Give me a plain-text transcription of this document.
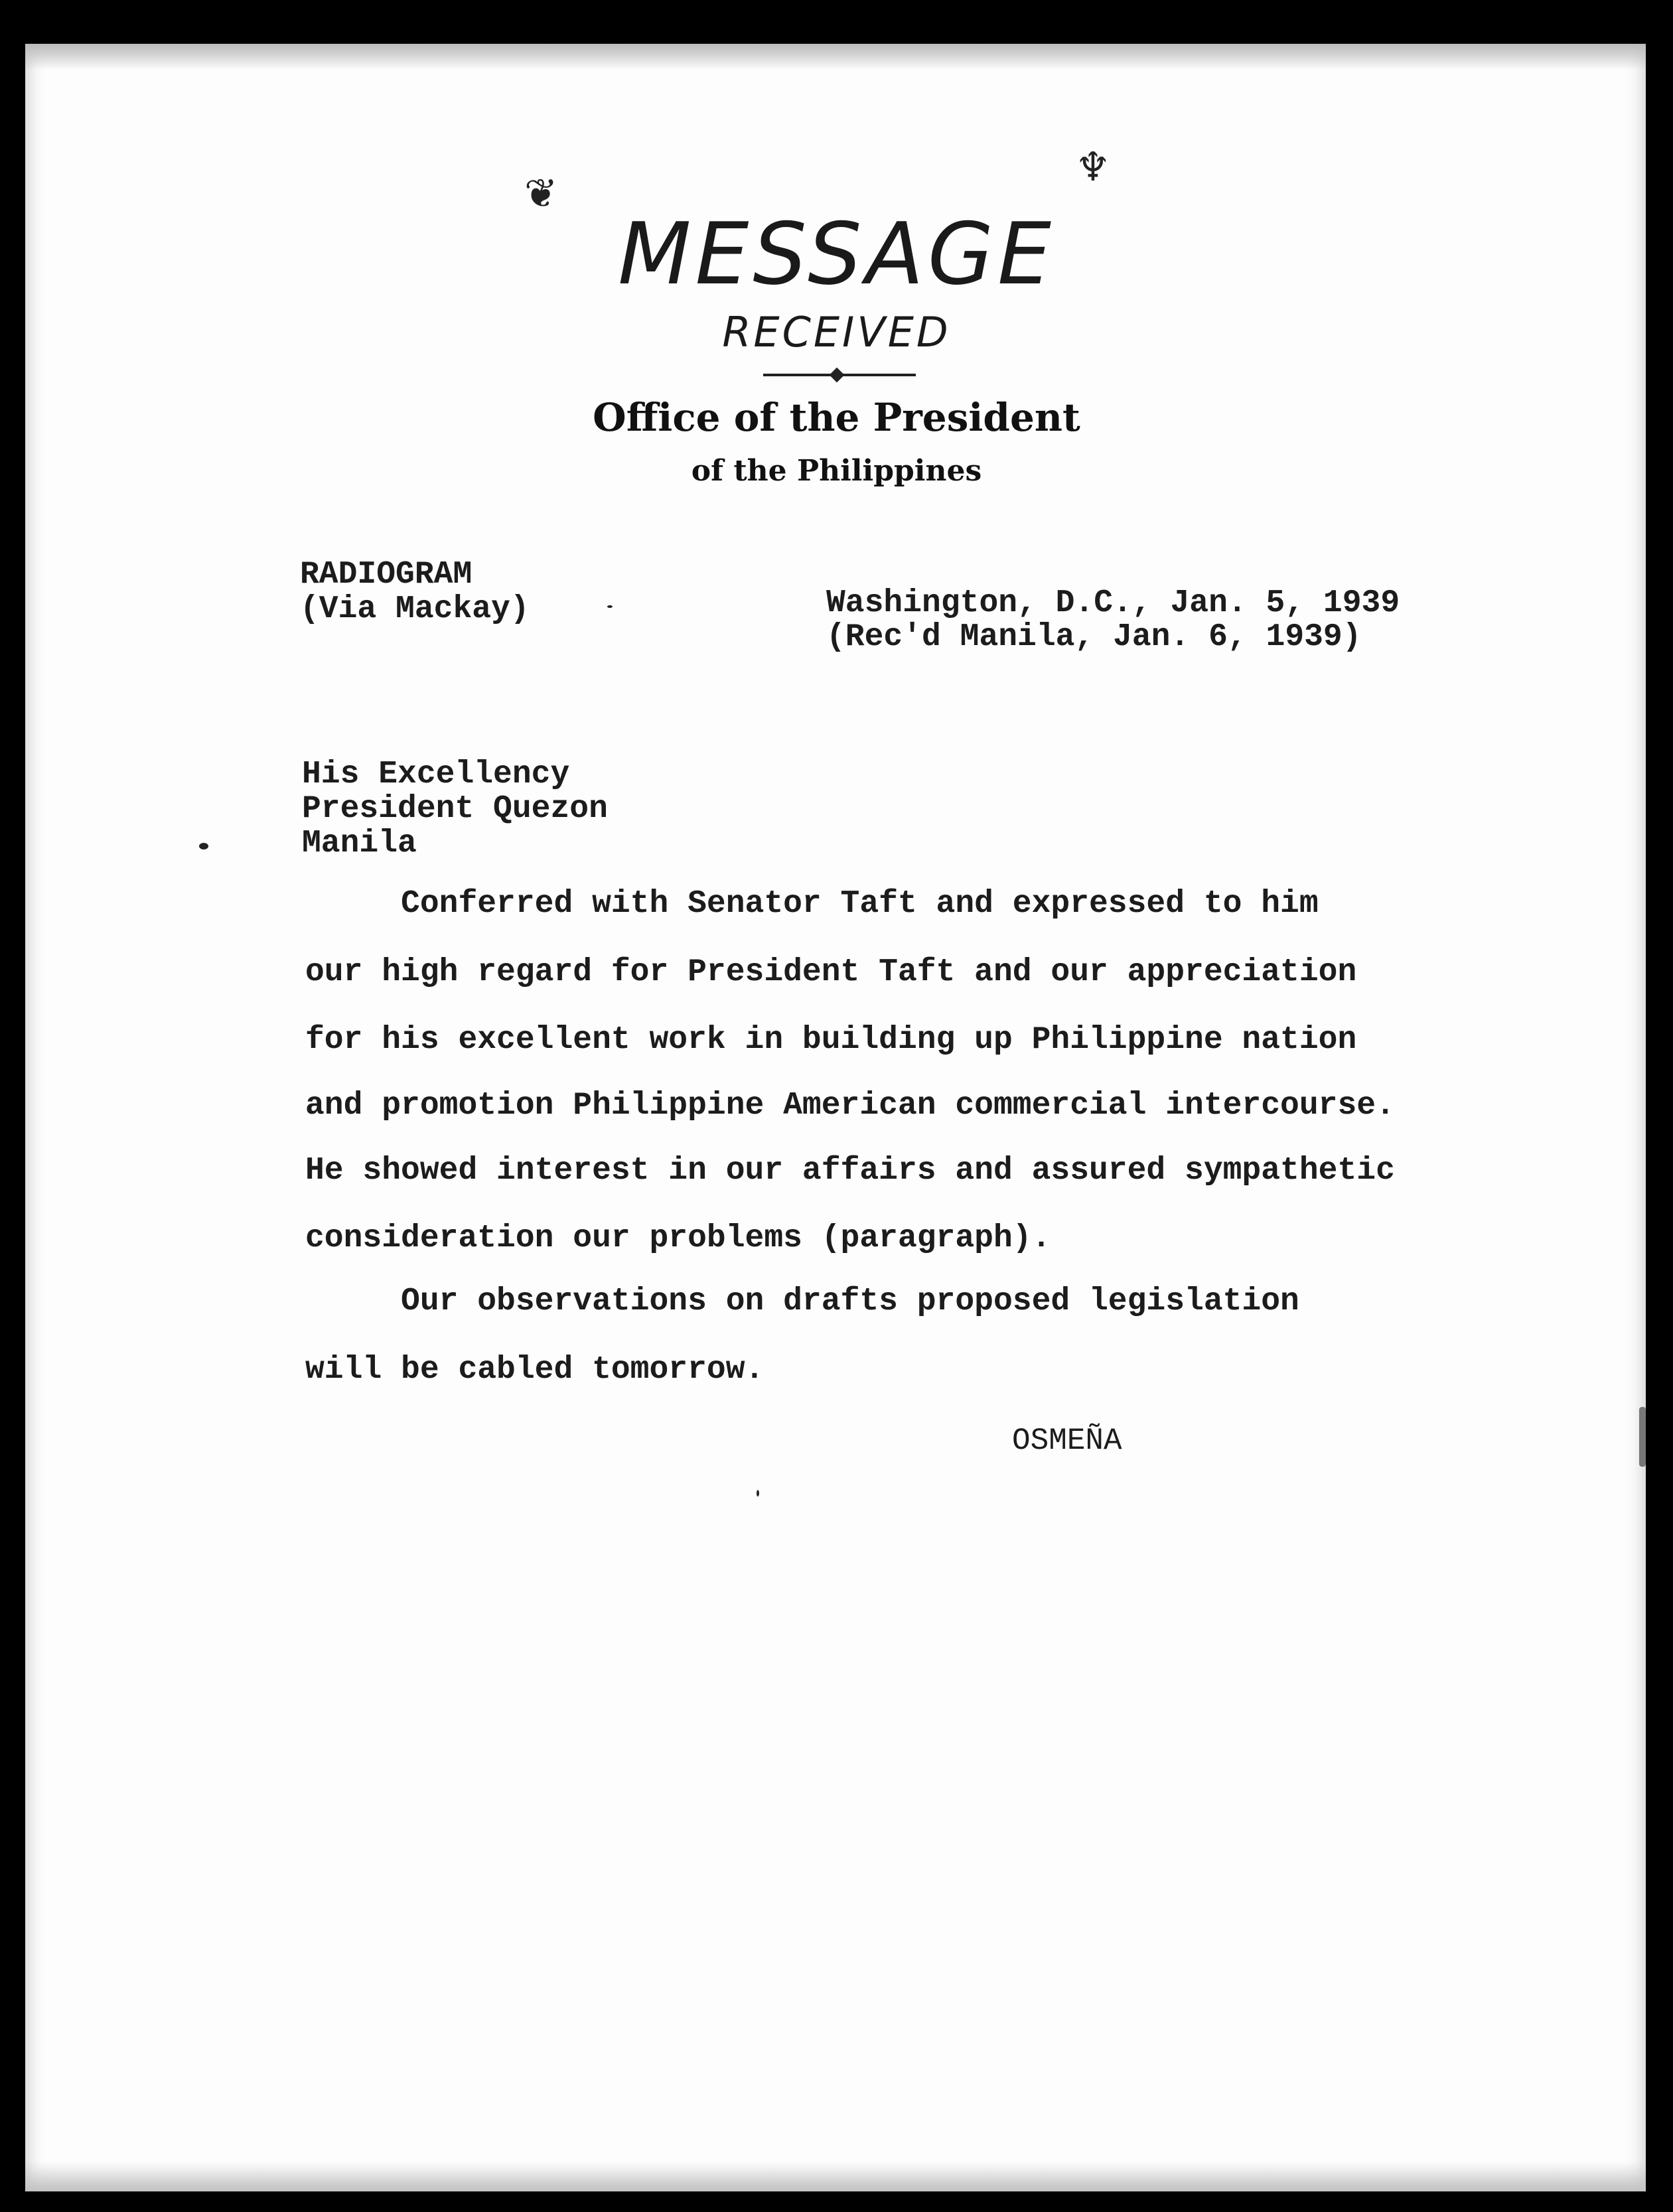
❦
♆
MESSAGE
RECEIVED
Office of the President
of the Philippines
RADIOGRAM
(Via Mackay)	Washington, D.C., Jan. 5, 1939
(Rec'd Manila, Jan. 6, 1939)
His Excellency
President Quezon
Manila
Conferred with Senator Taft and expressed to him
our high regard for President Taft and our appreciation
for his excellent work in building up Philippine nation
and promotion Philippine American commercial intercourse.
He showed interest in our affairs and assured sympathetic
consideration our problems (paragraph).
Our observations on drafts proposed legislation
will be cabled tomorrow.
OSMEÑA
